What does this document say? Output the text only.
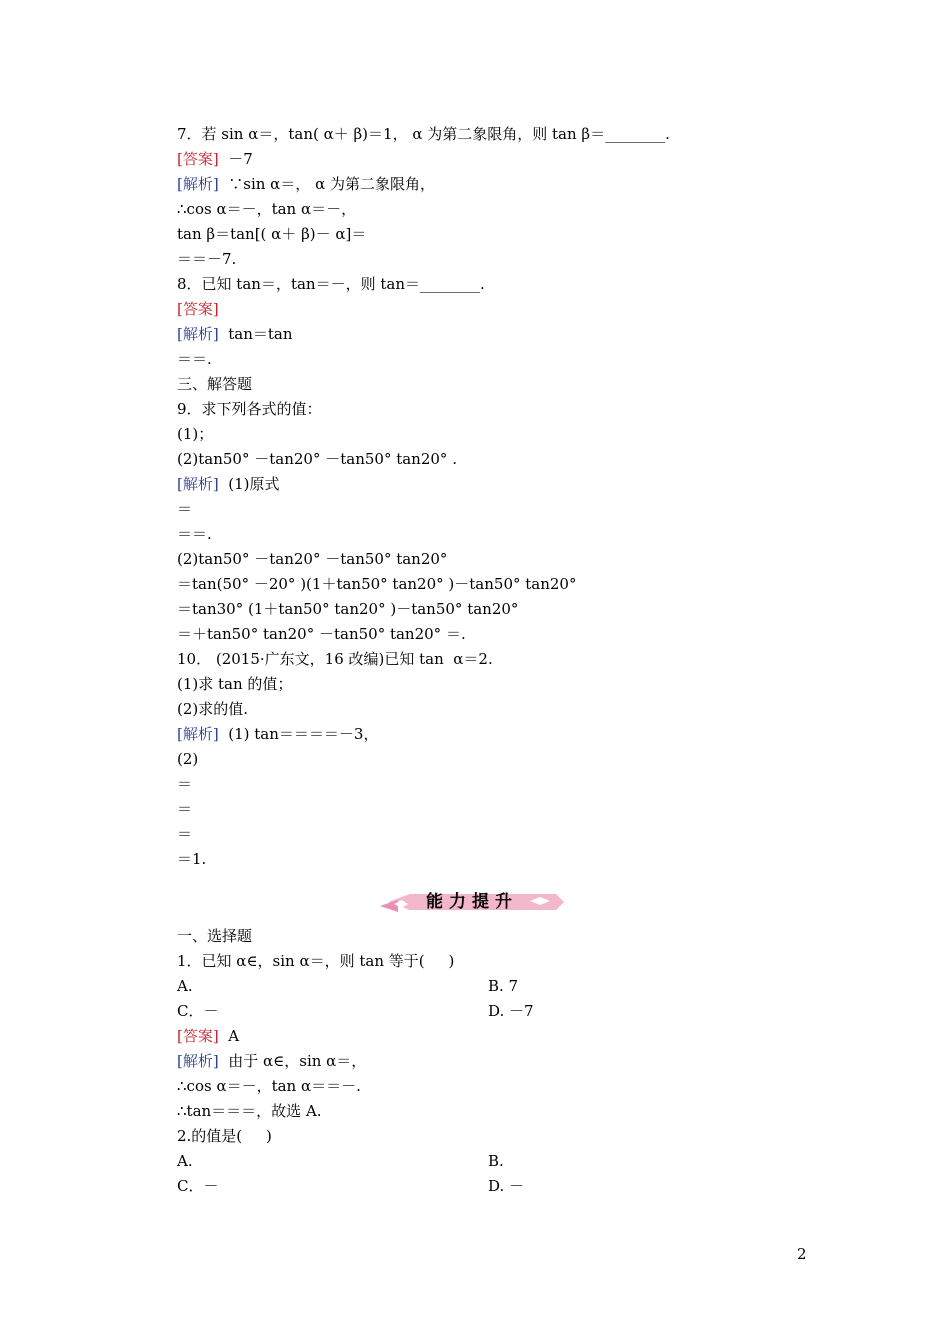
7．若 sin α＝，tan( α＋ β)＝1， α 为第二象限角，则 tan β＝________.
[答案]  －7
[解析]  ∵sin α＝， α 为第二象限角，
∴cos α＝－，tan α＝－，
tan β＝tan[( α＋ β)－ α]＝
＝＝－7.
8．已知 tan＝，tan＝－，则 tan＝________.
[答案]
[解析]  tan＝tan
＝＝.
三、解答题
9．求下列各式的值：
(1)；
(2)tan50° －tan20° －tan50° tan20° .
[解析]  (1)原式
＝
＝＝.
(2)tan50° －tan20° －tan50° tan20°
＝tan(50° －20° )(1＋tan50° tan20° )－tan50° tan20°
＝tan30° (1＋tan50° tan20° )－tan50° tan20°
＝＋tan50° tan20° －tan50° tan20° ＝.
10． (2015·广东文，16 改编)已知 tan  α＝2.
(1)求 tan 的值；
(2)求的值.
[解析]  (1) tan＝＝＝＝－3，
(2)
＝
＝
＝
＝1.
一、选择题
1．已知 α∈，sin α＝，则 tan 等于(     )
A.
C．－
[答案]  A
[解析]  由于 α∈，sin α＝，
∴cos α＝－，tan α＝＝－.
∴tan＝＝＝，故选 A.
2.的值是(     )
A.
C．－
B. 7
D. －7
B.
D. －
能力提升
2
